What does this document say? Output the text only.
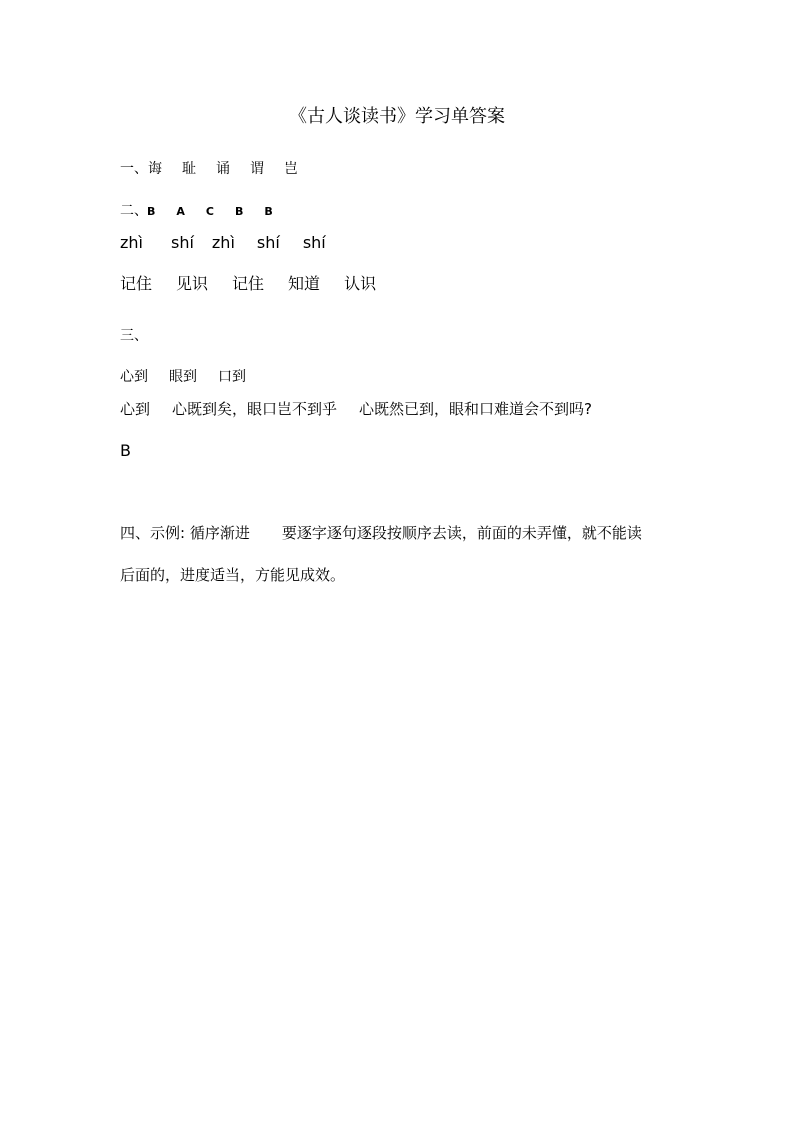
《古人谈读书》学习单答案
一、 诲 耻 诵 谓 岂
二、 B A C B B
zhì shí zhì shí shí
记住 见识 记住 知道 认识
三、
心到 眼到 口到
心到 心既到矣，眼口岂不到乎 心既然已到，眼和口难道会不到吗?
B
四、示例: 循序渐进 要逐字逐句逐段按顺序去读，前面的未弄懂，就不能读
后面的，进度适当，方能见成效。
